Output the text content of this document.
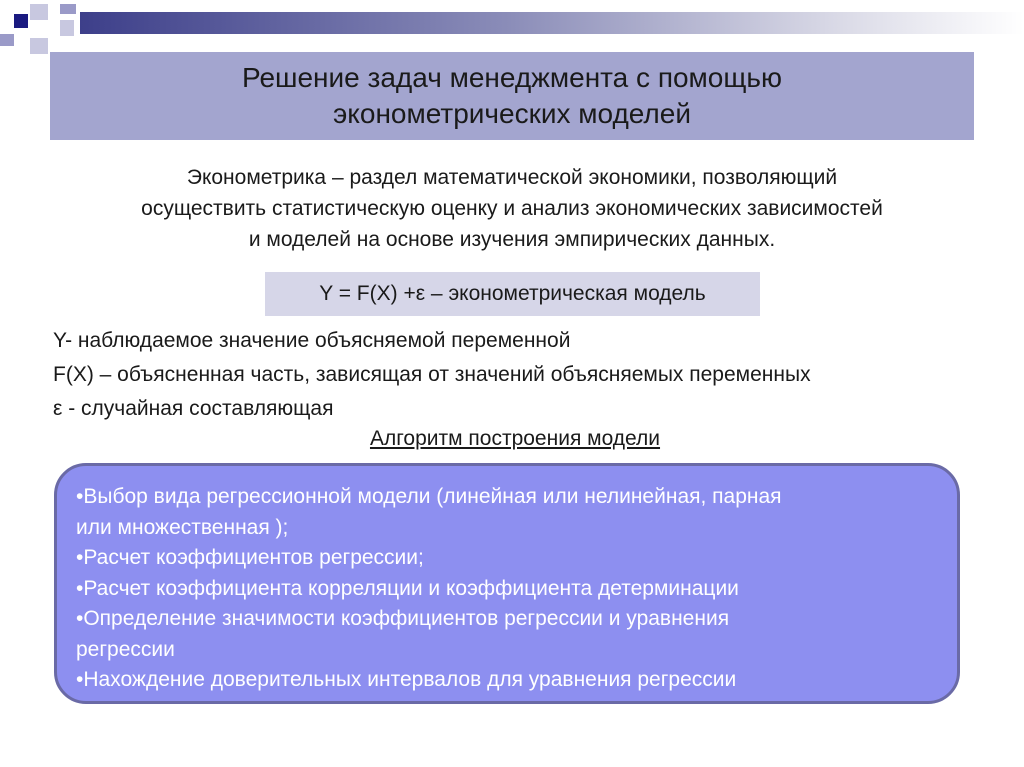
Решение задач менеджмента с помощью
эконометрических моделей
Эконометрика – раздел математической экономики, позволяющий
осуществить статистическую оценку и анализ экономических зависимостей
и моделей на основе изучения эмпирических данных.
Y = F(X) +ε – эконометрическая модель
Y- наблюдаемое значение объясняемой переменной
F(X) – объясненная часть, зависящая от значений объясняемых переменных
ε - случайная составляющая
Алгоритм построения модели
•Выбор вида регрессионной модели (линейная или нелинейная, парная
или множественная );
•Расчет коэффициентов регрессии;
•Расчет коэффициента корреляции и коэффициента детерминации
•Определение значимости коэффициентов регрессии и уравнения
регрессии
•Нахождение доверительных интервалов для уравнения регрессии
